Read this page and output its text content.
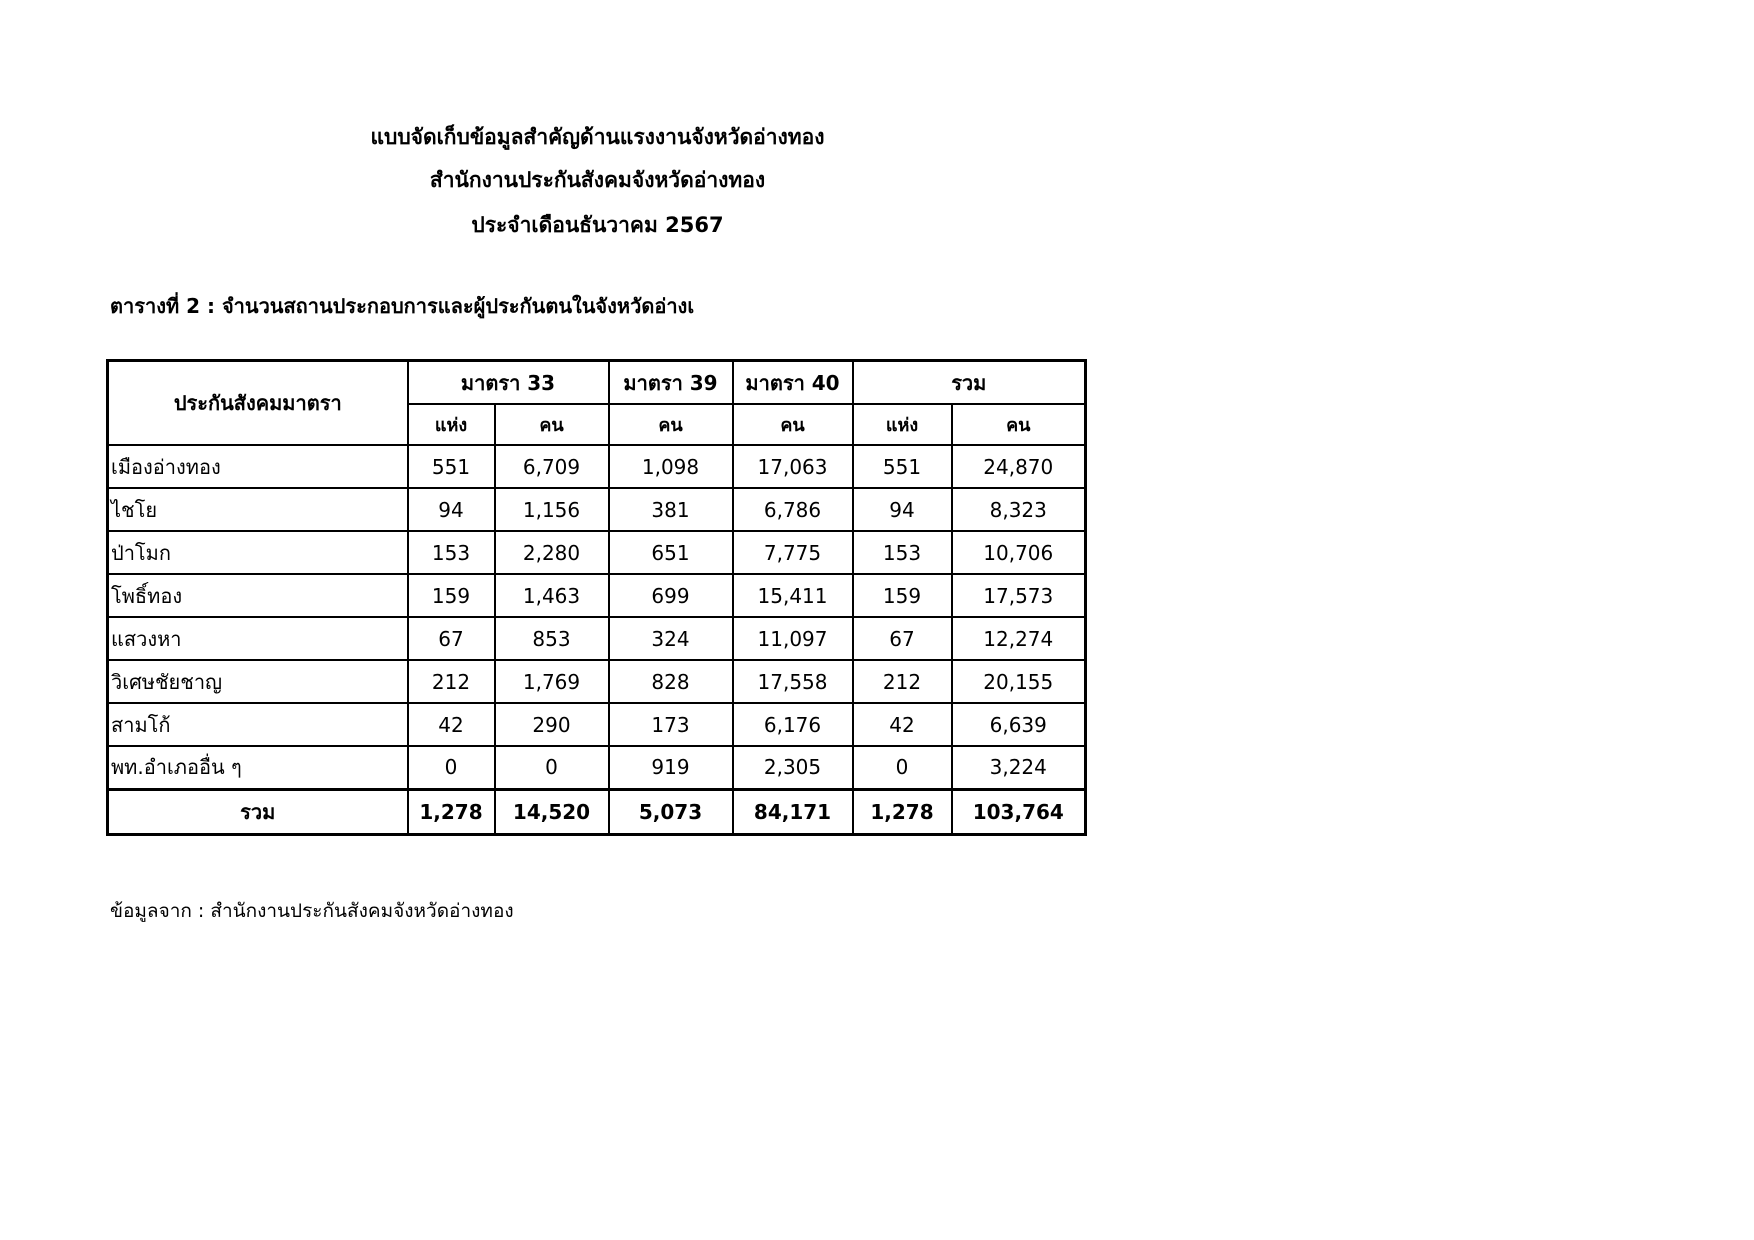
แบบจัดเก็บข้อมูลสำคัญด้านแรงงานจังหวัดอ่างทอง
สำนักงานประกันสังคมจังหวัดอ่างทอง
ประจำเดือนธันวาคม 2567
ตารางที่ 2 : จำนวนสถานประกอบการและผู้ประกันตนในจังหวัดอ่างเ
ประกันสังคมมาตรา	มาตรา 33		มาตรา 39	มาตรา 40	รวม	
	แห่ง	คน	คน	คน	แห่ง	คน
เมืองอ่างทอง	551	6,709	1,098	17,063	551	24,870
ไชโย	94	1,156	381	6,786	94	8,323
ป่าโมก	153	2,280	651	7,775	153	10,706
โพธิ์ทอง	159	1,463	699	15,411	159	17,573
แสวงหา	67	853	324	11,097	67	12,274
วิเศษชัยชาญ	212	1,769	828	17,558	212	20,155
สามโก้	42	290	173	6,176	42	6,639
พท.อำเภออื่น ๆ	0	0	919	2,305	0	3,224
รวม	1,278	14,520	5,073	84,171	1,278	103,764
ข้อมูลจาก : สำนักงานประกันสังคมจังหวัดอ่างทอง
